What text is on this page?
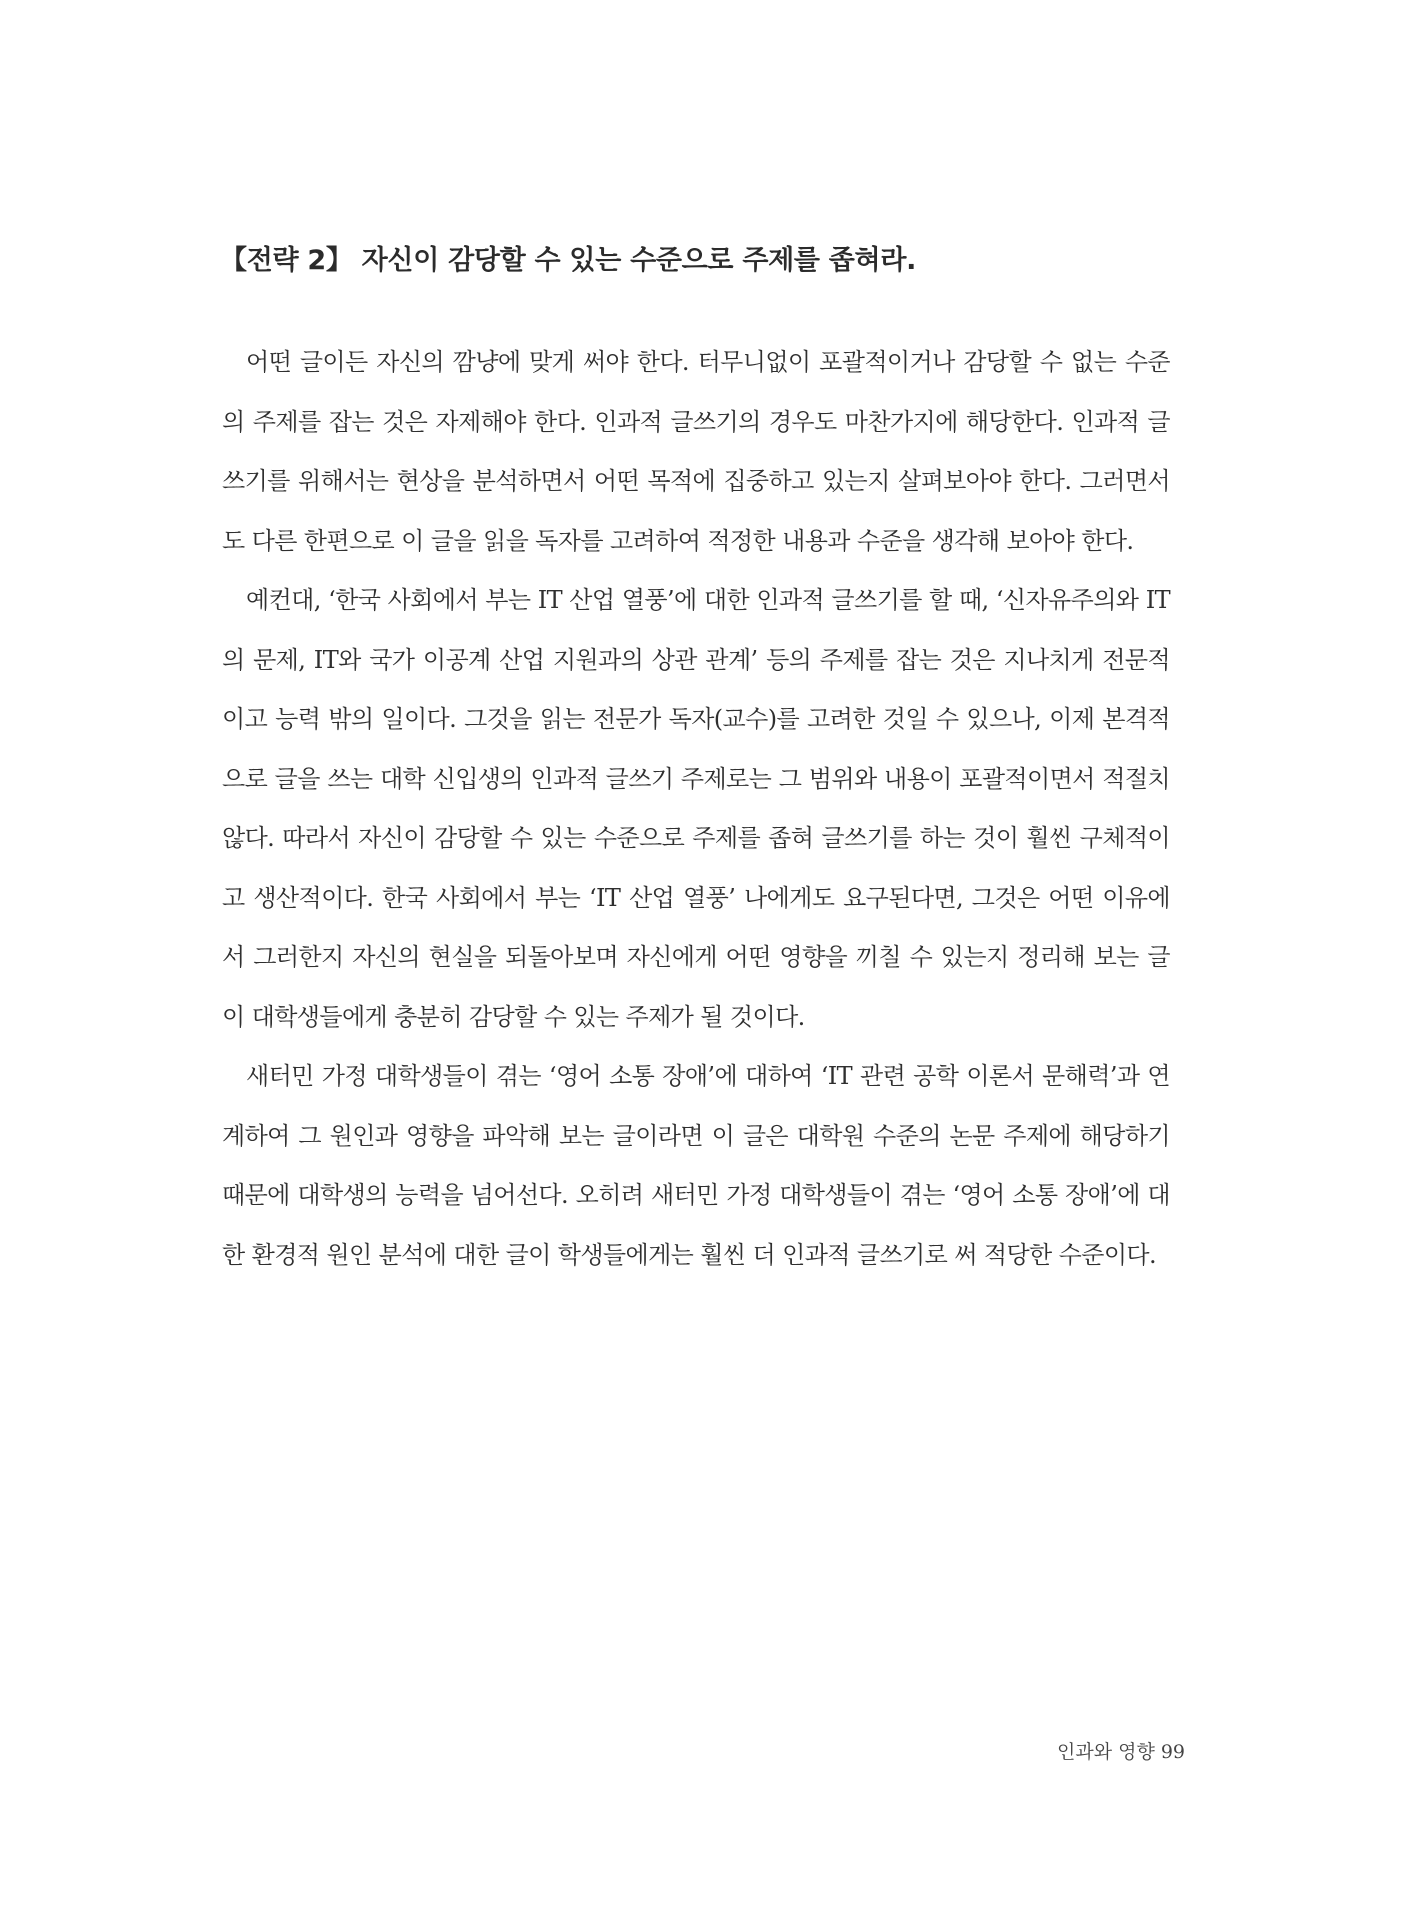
【전략 2】 자신이 감당할 수 있는 수준으로 주제를 좁혀라.

어떤 글이든 자신의 깜냥에 맞게 써야 한다. 터무니없이 포괄적이거나 감당할 수 없는 수준의 주제를 잡는 것은 자제해야 한다. 인과적 글쓰기의 경우도 마찬가지에 해당한다. 인과적 글쓰기를 위해서는 현상을 분석하면서 어떤 목적에 집중하고 있는지 살펴보아야 한다. 그러면서도 다른 한편으로 이 글을 읽을 독자를 고려하여 적정한 내용과 수준을 생각해 보아야 한다.

예컨대, ‘한국 사회에서 부는 IT 산업 열풍’에 대한 인과적 글쓰기를 할 때, ‘신자유주의와 IT의 문제, IT와 국가 이공계 산업 지원과의 상관 관계’ 등의 주제를 잡는 것은 지나치게 전문적이고 능력 밖의 일이다. 그것을 읽는 전문가 독자(교수)를 고려한 것일 수 있으나, 이제 본격적으로 글을 쓰는 대학 신입생의 인과적 글쓰기 주제로는 그 범위와 내용이 포괄적이면서 적절치 않다. 따라서 자신이 감당할 수 있는 수준으로 주제를 좁혀 글쓰기를 하는 것이 훨씬 구체적이고 생산적이다. 한국 사회에서 부는 ‘IT 산업 열풍’ 나에게도 요구된다면, 그것은 어떤 이유에서 그러한지 자신의 현실을 되돌아보며 자신에게 어떤 영향을 끼칠 수 있는지 정리해 보는 글이 대학생들에게 충분히 감당할 수 있는 주제가 될 것이다.

새터민 가정 대학생들이 겪는 ‘영어 소통 장애’에 대하여 ‘IT 관련 공학 이론서 문해력’과 연계하여 그 원인과 영향을 파악해 보는 글이라면 이 글은 대학원 수준의 논문 주제에 해당하기 때문에 대학생의 능력을 넘어선다. 오히려 새터민 가정 대학생들이 겪는 ‘영어 소통 장애’에 대한 환경적 원인 분석에 대한 글이 학생들에게는 훨씬 더 인과적 글쓰기로 써 적당한 수준이다.

인과와 영향 99
